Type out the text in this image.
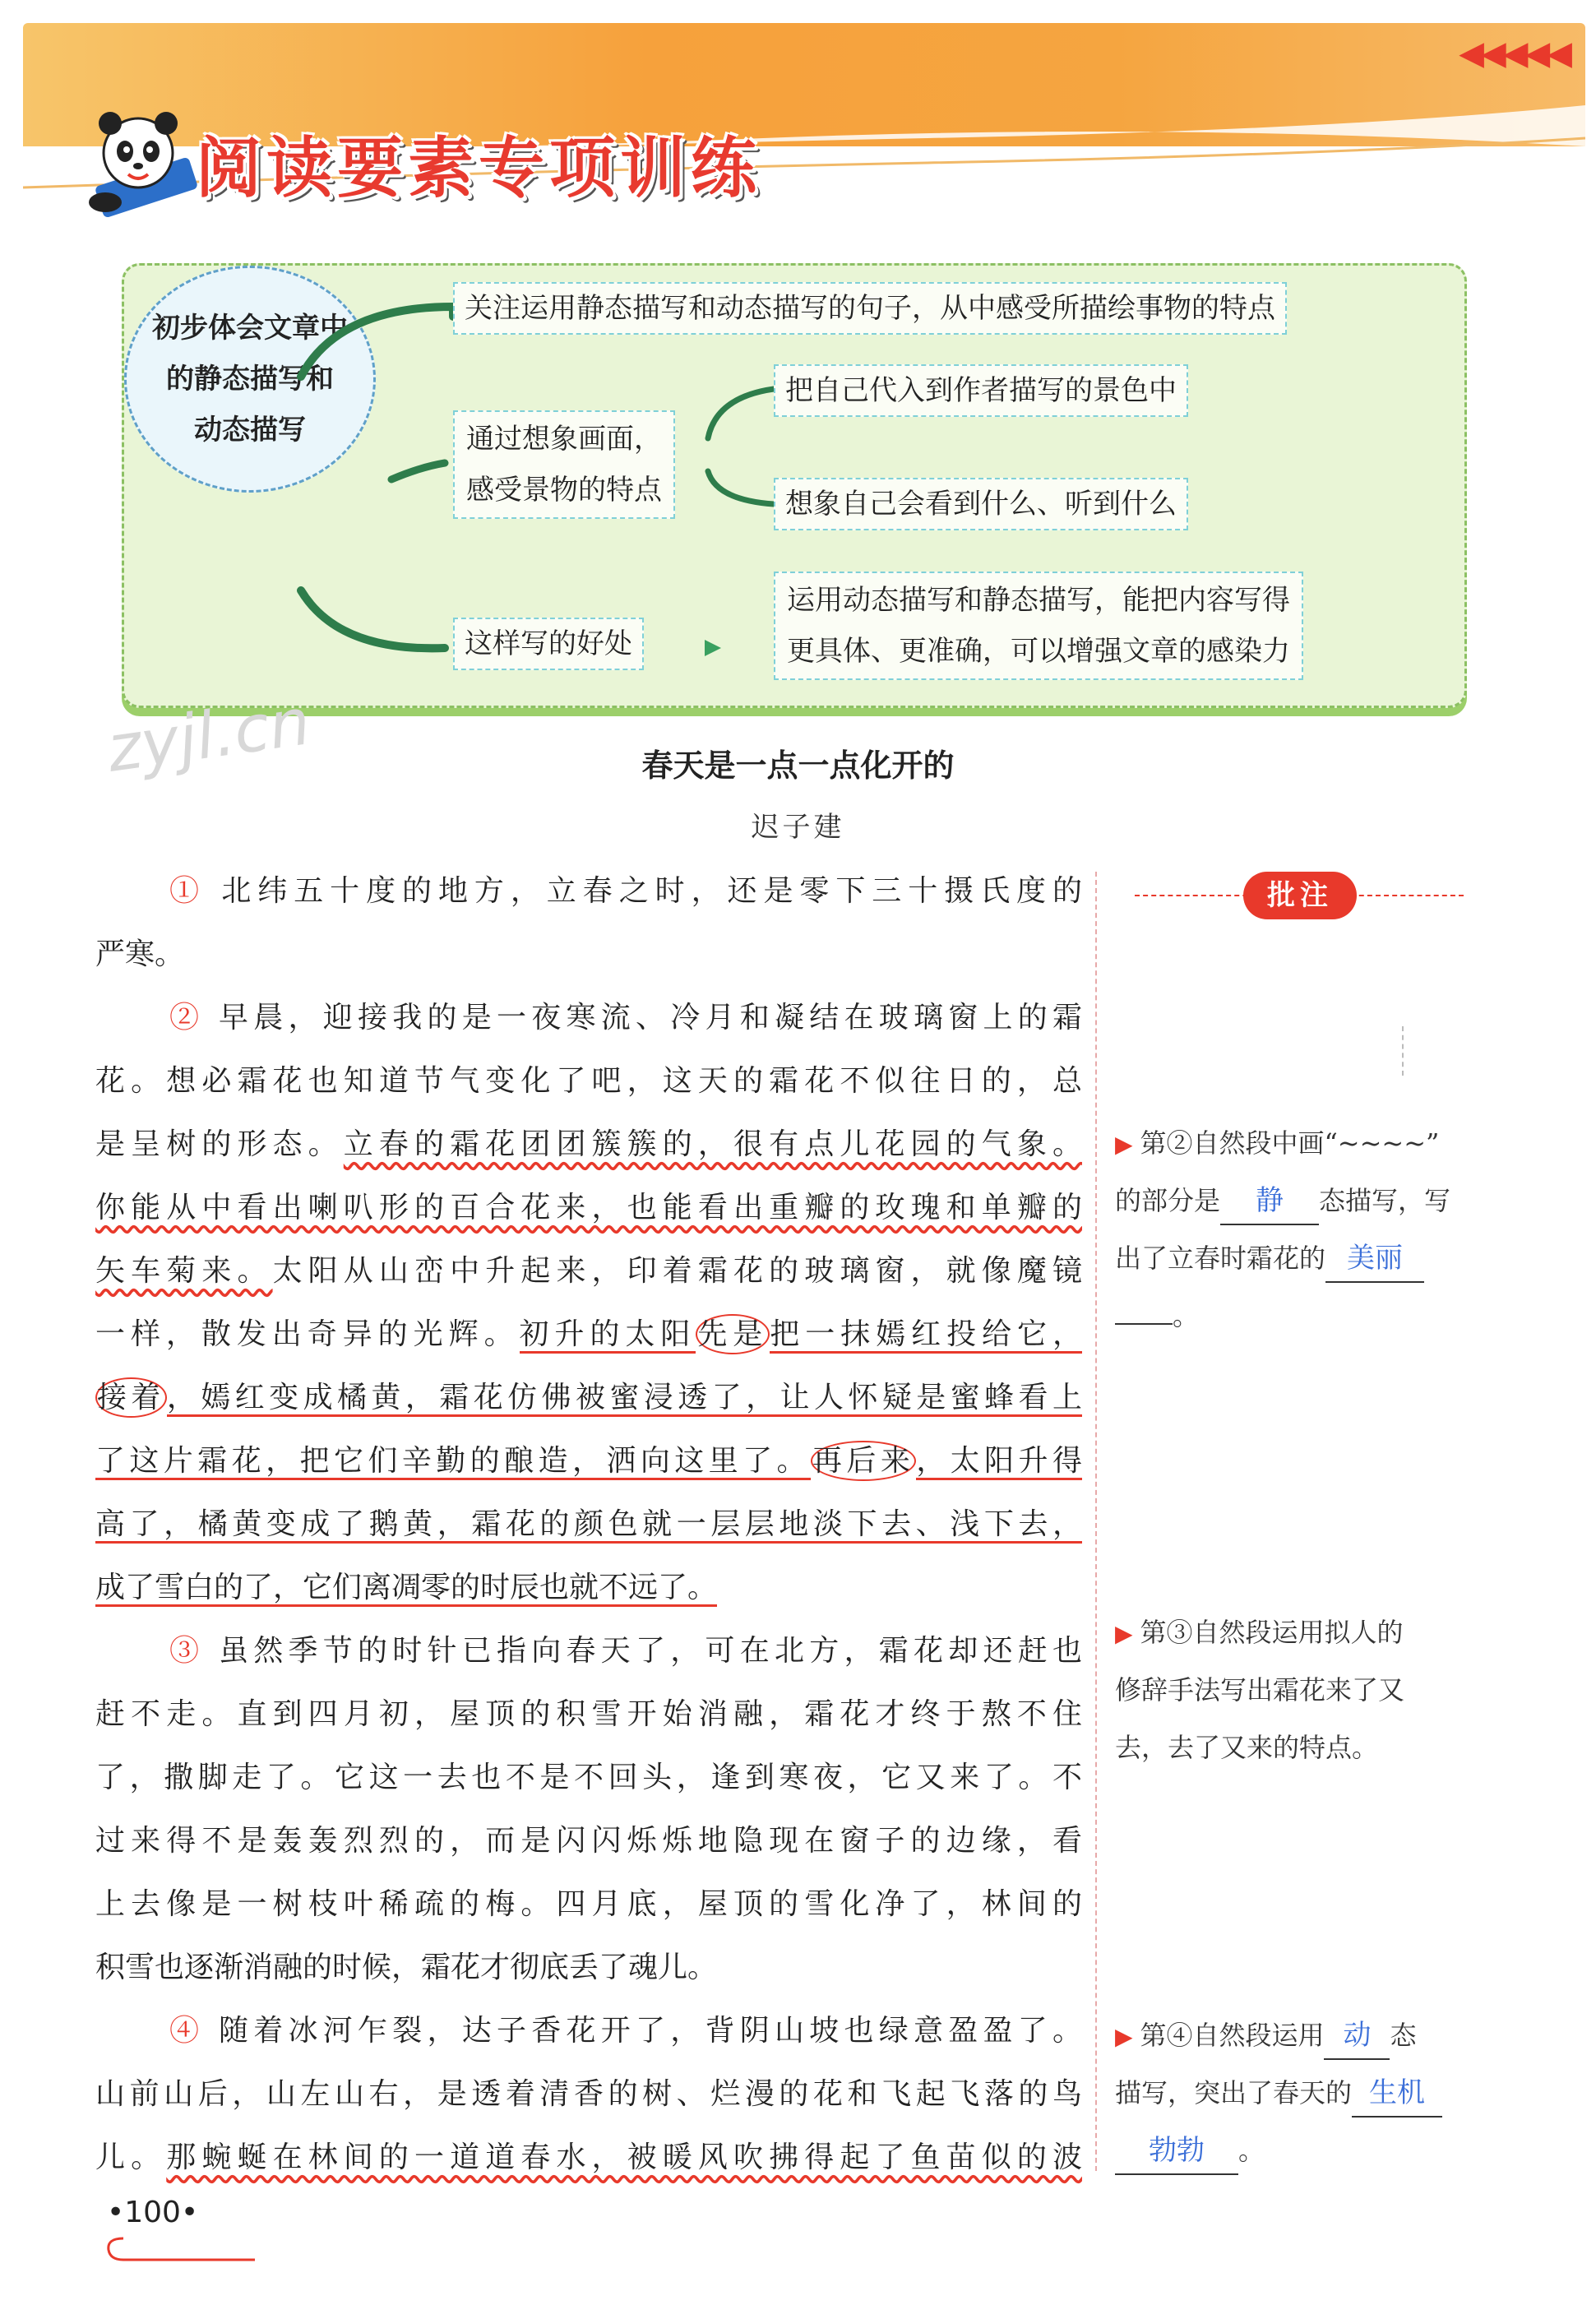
◀◀◀◀◀
阅读要素专项训练
初步体会文章中
的静态描写和
动态描写
关注运用静态描写和动态描写的句子，从中感受所描绘事物的特点
通过想象画面，
感受景物的特点
把自己代入到作者描写的景色中
想象自己会看到什么、听到什么
这样写的好处
运用动态描写和静态描写，能把内容写得
更具体、更准确，可以增强文章的感染力
zyjl.cn	春天是一点一点化开的
迟子建
① 北纬五十度的地方，立春之时，还是零下三十摄氏度的
严寒。
② 早晨，迎接我的是一夜寒流、冷月和凝结在玻璃窗上的霜
花。想必霜花也知道节气变化了吧，这天的霜花不似往日的，总
是呈树的形态。立春的霜花团团簇簇的，很有点儿花园的气象。
你能从中看出喇叭形的百合花来，也能看出重瓣的玫瑰和单瓣的
矢车菊来。太阳从山峦中升起来，印着霜花的玻璃窗，就像魔镜
一样，散发出奇异的光辉。初升的太阳先是把一抹嫣红投给它，
接着，嫣红变成橘黄，霜花仿佛被蜜浸透了，让人怀疑是蜜蜂看上
了这片霜花，把它们辛勤的酿造，洒向这里了。再后来，太阳升得
高了，橘黄变成了鹅黄，霜花的颜色就一层层地淡下去、浅下去，
成了雪白的了，它们离凋零的时辰也就不远了。
③ 虽然季节的时针已指向春天了，可在北方，霜花却还赶也
赶不走。直到四月初，屋顶的积雪开始消融，霜花才终于熬不住
了，撒脚走了。它这一去也不是不回头，逢到寒夜，它又来了。不
过来得不是轰轰烈烈的，而是闪闪烁烁地隐现在窗子的边缘，看
上去像是一树枝叶稀疏的梅。四月底，屋顶的雪化净了，林间的
积雪也逐渐消融的时候，霜花才彻底丢了魂儿。
④ 随着冰河乍裂，达子香花开了，背阴山坡也绿意盈盈了。
山前山后，山左山右，是透着清香的树、烂漫的花和飞起飞落的鸟
儿。那蜿蜒在林间的一道道春水，被暖风吹拂得起了鱼苗似的波
批注
▶ 第②自然段中画“~~~~”
的部分是 静 态描写，写
出了立春时霜花的 美丽
。
▶ 第③自然段运用拟人的
修辞手法写出霜花来了又
去，去了又来的特点。
▶ 第④自然段运用 动 态
描写，突出了春天的 生机
勃勃 。
•100•
